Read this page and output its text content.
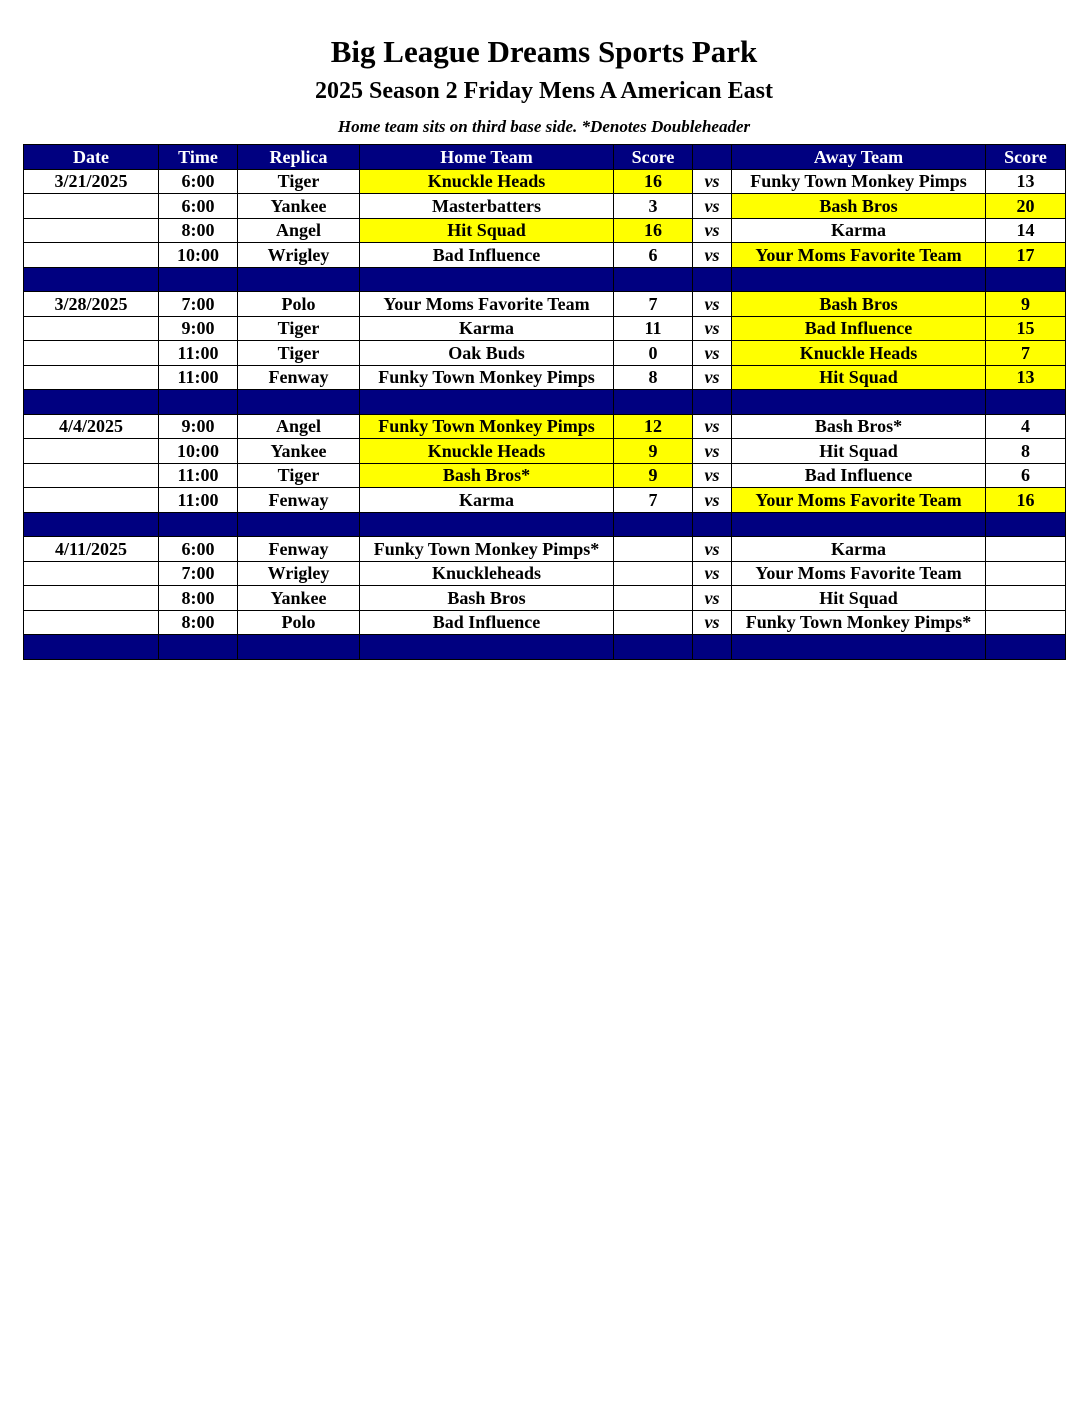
Big League Dreams Sports Park
2025 Season 2 Friday Mens A American East
Home team sits on third base side. *Denotes Doubleheader
Date	Time	Replica	Home Team	Score		Away Team	Score
3/21/2025	6:00	Tiger	Knuckle Heads	16	vs	Funky Town Monkey Pimps	13
	6:00	Yankee	Masterbatters	3	vs	Bash Bros	20
	8:00	Angel	Hit Squad	16	vs	Karma	14
	10:00	Wrigley	Bad Influence	6	vs	Your Moms Favorite Team	17

3/28/2025	7:00	Polo	Your Moms Favorite Team	7	vs	Bash Bros	9
	9:00	Tiger	Karma	11	vs	Bad Influence	15
	11:00	Tiger	Oak Buds	0	vs	Knuckle Heads	7
	11:00	Fenway	Funky Town Monkey Pimps	8	vs	Hit Squad	13

4/4/2025	9:00	Angel	Funky Town Monkey Pimps	12	vs	Bash Bros*	4
	10:00	Yankee	Knuckle Heads	9	vs	Hit Squad	8
	11:00	Tiger	Bash Bros*	9	vs	Bad Influence	6
	11:00	Fenway	Karma	7	vs	Your Moms Favorite Team	16

4/11/2025	6:00	Fenway	Funky Town Monkey Pimps*		vs	Karma	
	7:00	Wrigley	Knuckleheads		vs	Your Moms Favorite Team	
	8:00	Yankee	Bash Bros		vs	Hit Squad	
	8:00	Polo	Bad Influence		vs	Funky Town Monkey Pimps*	
